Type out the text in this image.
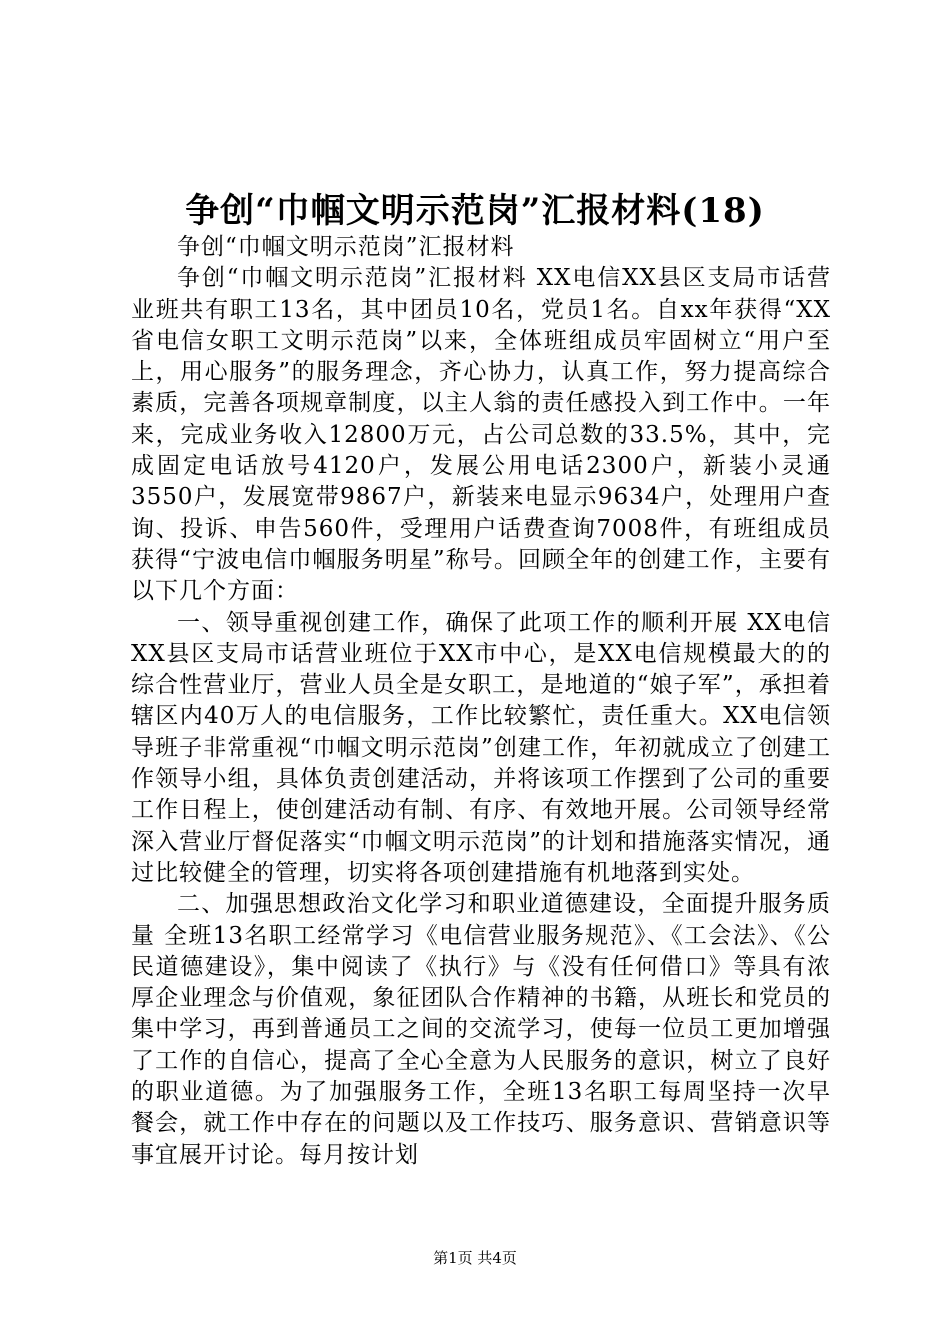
争创“巾帼文明示范岗”汇报材料(18)

争创“巾帼文明示范岗”汇报材料

争创“巾帼文明示范岗”汇报材料 XX电信XX县区支局市话营业班共有职工13名，其中团员10名，党员1名。自xx年获得“XX省电信女职工文明示范岗”以来，全体班组成员牢固树立“用户至上，用心服务”的服务理念，齐心协力，认真工作，努力提高综合素质，完善各项规章制度，以主人翁的责任感投入到工作中。一年来，完成业务收入12800万元，占公司总数的33.5%，其中，完成固定电话放号4120户，发展公用电话2300户，新装小灵通3550户，发展宽带9867户，新装来电显示9634户，处理用户查询、投诉、申告560件，受理用户话费查询7008件，有班组成员获得“宁波电信巾帼服务明星”称号。回顾全年的创建工作，主要有以下几个方面：

一、领导重视创建工作，确保了此项工作的顺利开展 XX电信XX县区支局市话营业班位于XX市中心，是XX电信规模最大的的综合性营业厅，营业人员全是女职工，是地道的“娘子军”，承担着辖区内40万人的电信服务，工作比较繁忙，责任重大。XX电信领导班子非常重视“巾帼文明示范岗”创建工作，年初就成立了创建工作领导小组，具体负责创建活动，并将该项工作摆到了公司的重要工作日程上，使创建活动有制、有序、有效地开展。公司领导经常深入营业厅督促落实“巾帼文明示范岗”的计划和措施落实情况，通过比较健全的管理，切实将各项创建措施有机地落到实处。

二、加强思想政治文化学习和职业道德建设，全面提升服务质量 全班13名职工经常学习《电信营业服务规范》、《工会法》、《公民道德建设》，集中阅读了《执行》与《没有任何借口》等具有浓厚企业理念与价值观，象征团队合作精神的书籍，从班长和党员的集中学习，再到普通员工之间的交流学习，使每一位员工更加增强了工作的自信心，提高了全心全意为人民服务的意识，树立了良好的职业道德。为了加强服务工作，全班13名职工每周坚持一次早餐会，就工作中存在的问题以及工作技巧、服务意识、营销意识等事宜展开讨论。每月按计划

第1页 共4页
